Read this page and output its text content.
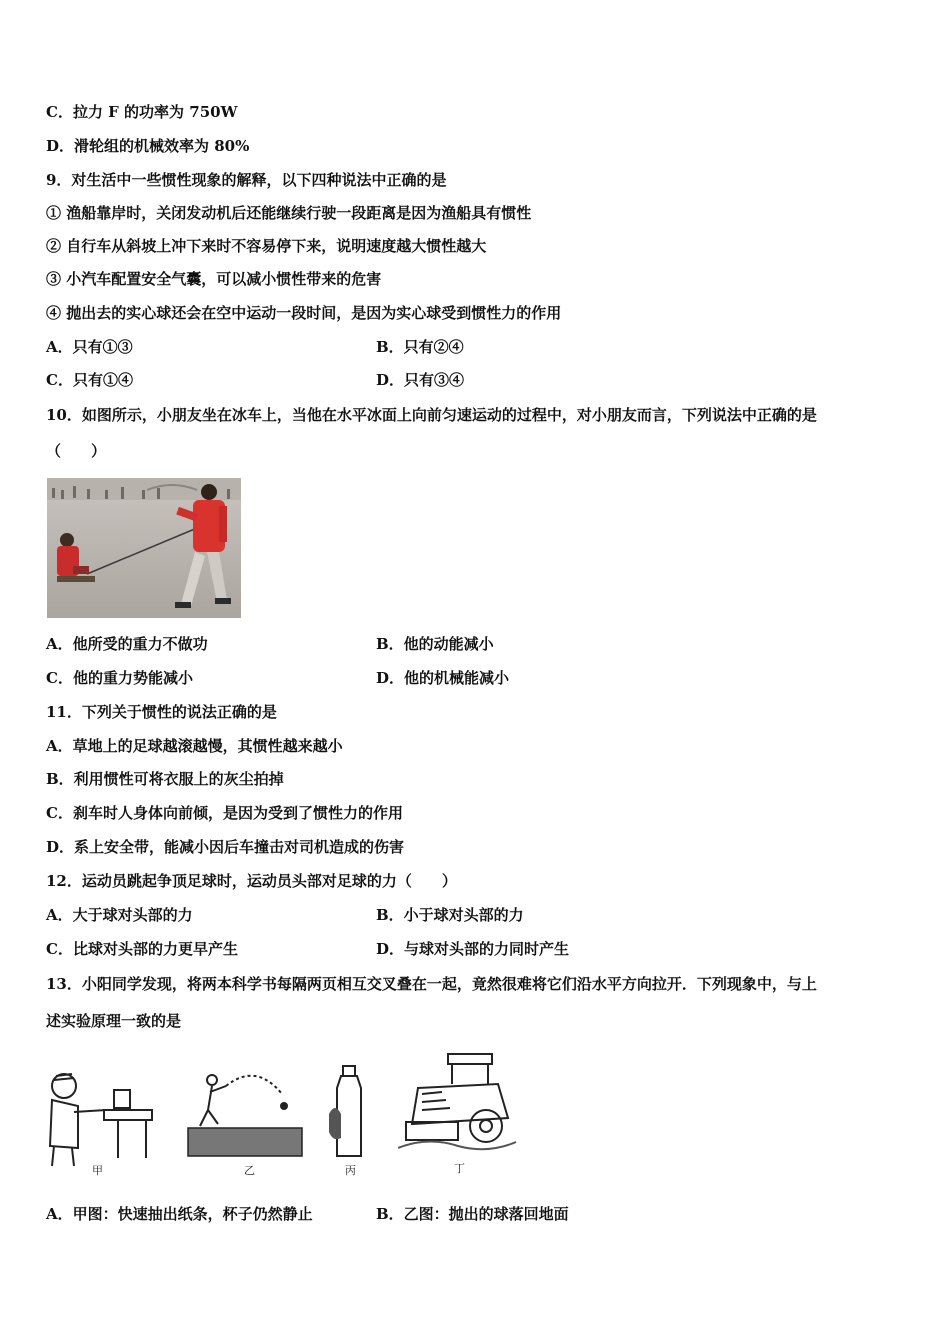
C．拉力 F 的功率为 750W
D．滑轮组的机械效率为 80%
9．对生活中一些惯性现象的解释，以下四种说法中正确的是
① 渔船靠岸时，关闭发动机后还能继续行驶一段距离是因为渔船具有惯性
② 自行车从斜坡上冲下来时不容易停下来，说明速度越大惯性越大
③ 小汽车配置安全气囊，可以减小惯性带来的危害
④ 抛出去的实心球还会在空中运动一段时间，是因为实心球受到惯性力的作用
A．只有①③	B．只有②④
C．只有①④	D．只有③④
10．如图所示，小朋友坐在冰车上，当他在水平冰面上向前匀速运动的过程中，对小朋友而言，下列说法中正确的是
（　　）
A．他所受的重力不做功	B．他的动能减小
C．他的重力势能减小	D．他的机械能减小
11．下列关于惯性的说法正确的是
A．草地上的足球越滚越慢，其惯性越来越小
B．利用惯性可将衣服上的灰尘拍掉
C．刹车时人身体向前倾，是因为受到了惯性力的作用
D．系上安全带，能减小因后车撞击对司机造成的伤害
12．运动员跳起争顶足球时，运动员头部对足球的力（　　）
A．大于球对头部的力	B．小于球对头部的力
C．比球对头部的力更早产生	D．与球对头部的力同时产生
13．小阳同学发现，将两本科学书每隔两页相互交叉叠在一起，竟然很难将它们沿水平方向拉开．下列现象中，与上
述实验原理一致的是
甲	乙	丙	丁
A．甲图：快速抽出纸条，杯子仍然静止	B．乙图：抛出的球落回地面
